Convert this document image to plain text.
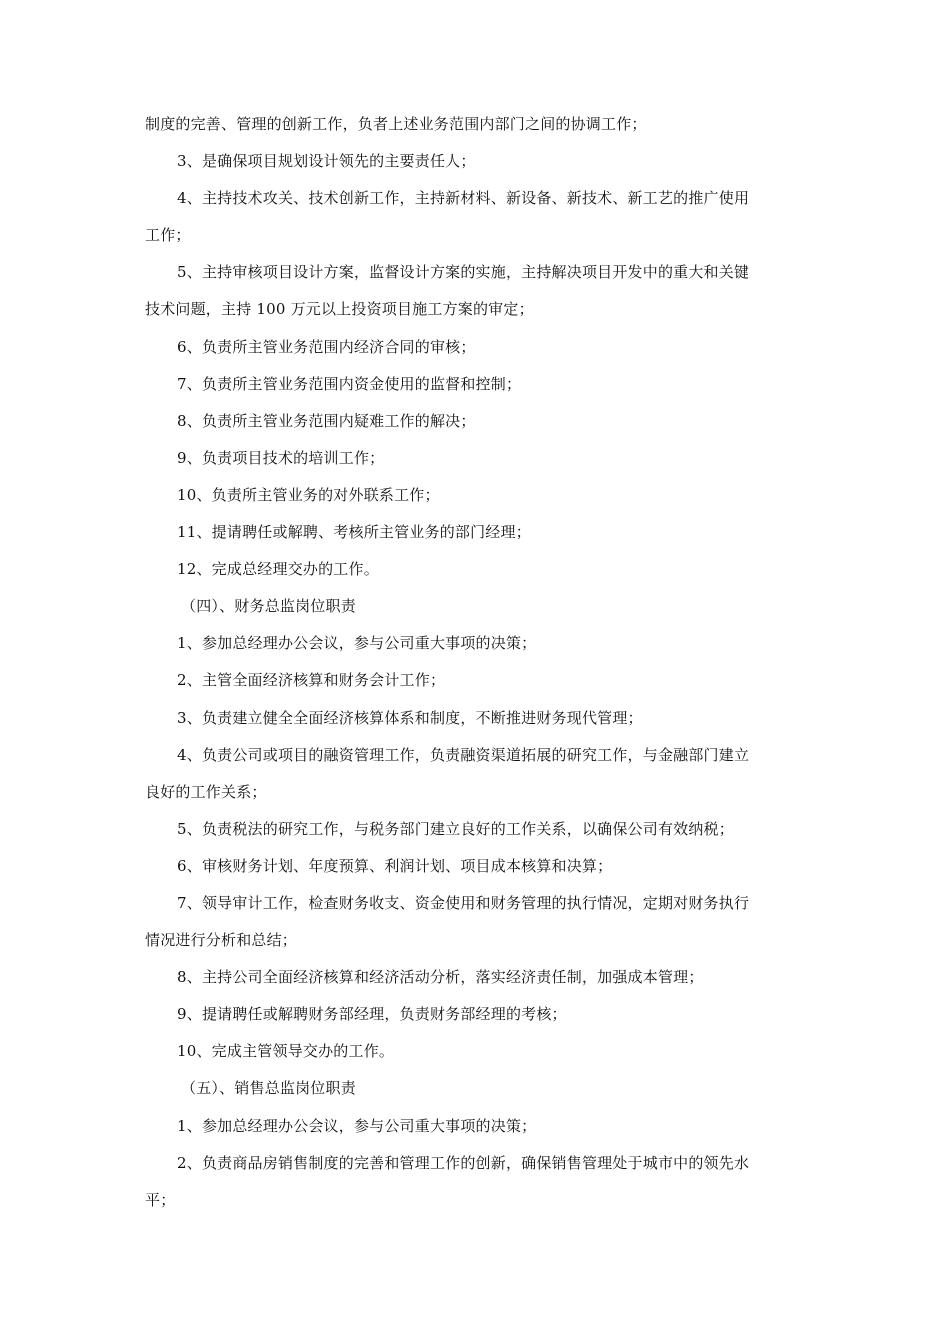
制度的完善、管理的创新工作，负者上述业务范围内部门之间的协调工作；
3、是确保项目规划设计领先的主要责任人；
4、主持技术攻关、技术创新工作，主持新材料、新设备、新技术、新工艺的推广使用
工作；
5、主持审核项目设计方案，监督设计方案的实施，主持解决项目开发中的重大和关键
技术问题，主持 100 万元以上投资项目施工方案的审定；
6、负责所主管业务范围内经济合同的审核；
7、负责所主管业务范围内资金使用的监督和控制；
8、负责所主管业务范围内疑难工作的解决；
9、负责项目技术的培训工作；
10、负责所主管业务的对外联系工作；
11、提请聘任或解聘、考核所主管业务的部门经理；
12、完成总经理交办的工作。
（四）、财务总监岗位职责
1、参加总经理办公会议，参与公司重大事项的决策；
2、主管全面经济核算和财务会计工作；
3、负责建立健全全面经济核算体系和制度，不断推进财务现代管理；
4、负责公司或项目的融资管理工作，负责融资渠道拓展的研究工作，与金融部门建立
良好的工作关系；
5、负责税法的研究工作，与税务部门建立良好的工作关系，以确保公司有效纳税；
6、审核财务计划、年度预算、利润计划、项目成本核算和决算；
7、领导审计工作，检查财务收支、资金使用和财务管理的执行情况，定期对财务执行
情况进行分析和总结；
8、主持公司全面经济核算和经济活动分析，落实经济责任制，加强成本管理；
9、提请聘任或解聘财务部经理，负责财务部经理的考核；
10、完成主管领导交办的工作。
（五）、销售总监岗位职责
1、参加总经理办公会议，参与公司重大事项的决策；
2、负责商品房销售制度的完善和管理工作的创新，确保销售管理处于城市中的领先水
平；
